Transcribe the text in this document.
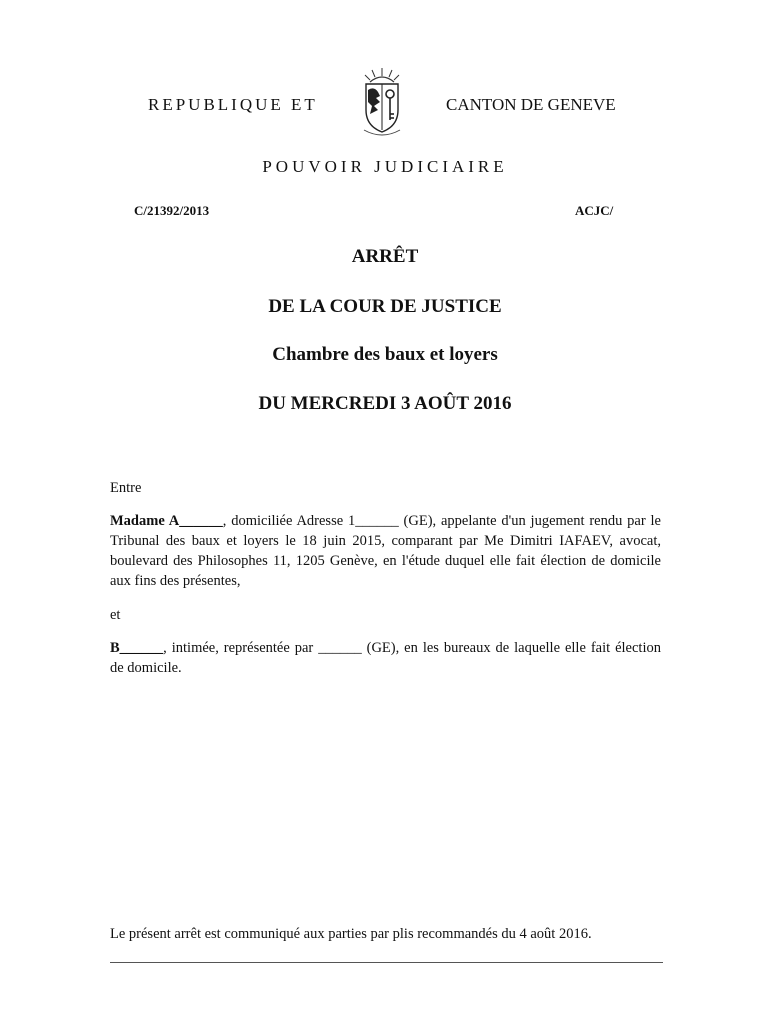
REPUBLIQUE ET	CANTON DE GENEVE
POUVOIR JUDICIAIRE
C/21392/2013	ACJC/
ARRÊT
DE LA COUR DE JUSTICE
Chambre des baux et loyers
DU MERCREDI 3 AOÛT 2016
Entre
Madame A______, domiciliée Adresse 1______ (GE), appelante d'un jugement rendu par le Tribunal des baux et loyers le 18 juin 2015, comparant par Me Dimitri IAFAEV, avocat, boulevard des Philosophes 11, 1205 Genève, en l'étude duquel elle fait élection de domicile aux fins des présentes,
et
B______, intimée, représentée par ______ (GE), en les bureaux de laquelle elle fait élection de domicile.
Le présent arrêt est communiqué aux parties par plis recommandés du 4 août 2016.
